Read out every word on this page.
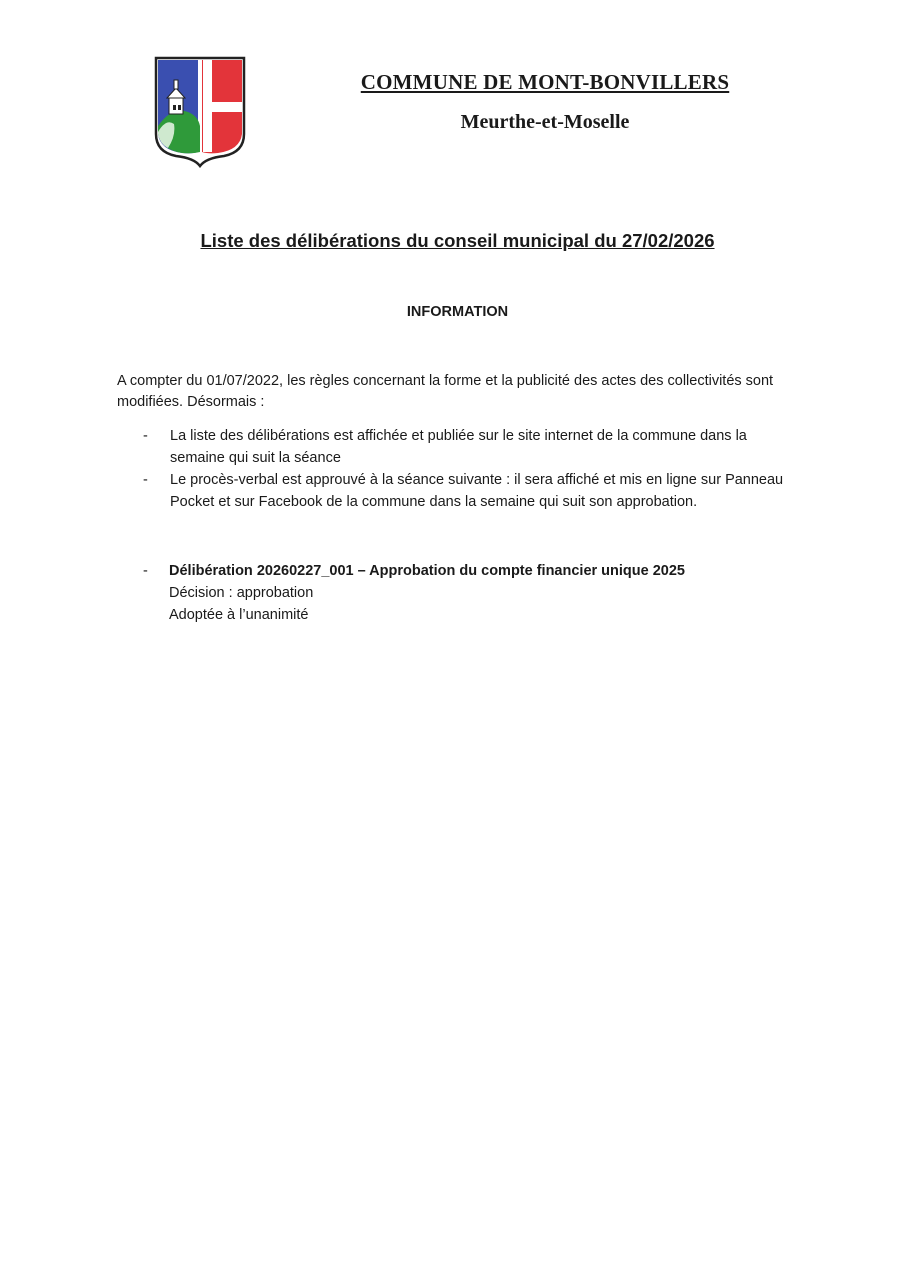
COMMUNE DE MONT-BONVILLERS
Meurthe-et-Moselle
Liste des délibérations du conseil municipal du 27/02/2026
INFORMATION
A compter du 01/07/2022, les règles concernant la forme et la publicité des actes des collectivités sont modifiées. Désormais :
- La liste des délibérations est affichée et publiée sur le site internet de la commune dans la semaine qui suit la séance
- Le procès-verbal est approuvé à la séance suivante : il sera affiché et mis en ligne sur Panneau Pocket et sur Facebook de la commune dans la semaine qui suit son approbation.
- Délibération 20260227_001 – Approbation du compte financier unique 2025
Décision : approbation
Adoptée à l’unanimité
